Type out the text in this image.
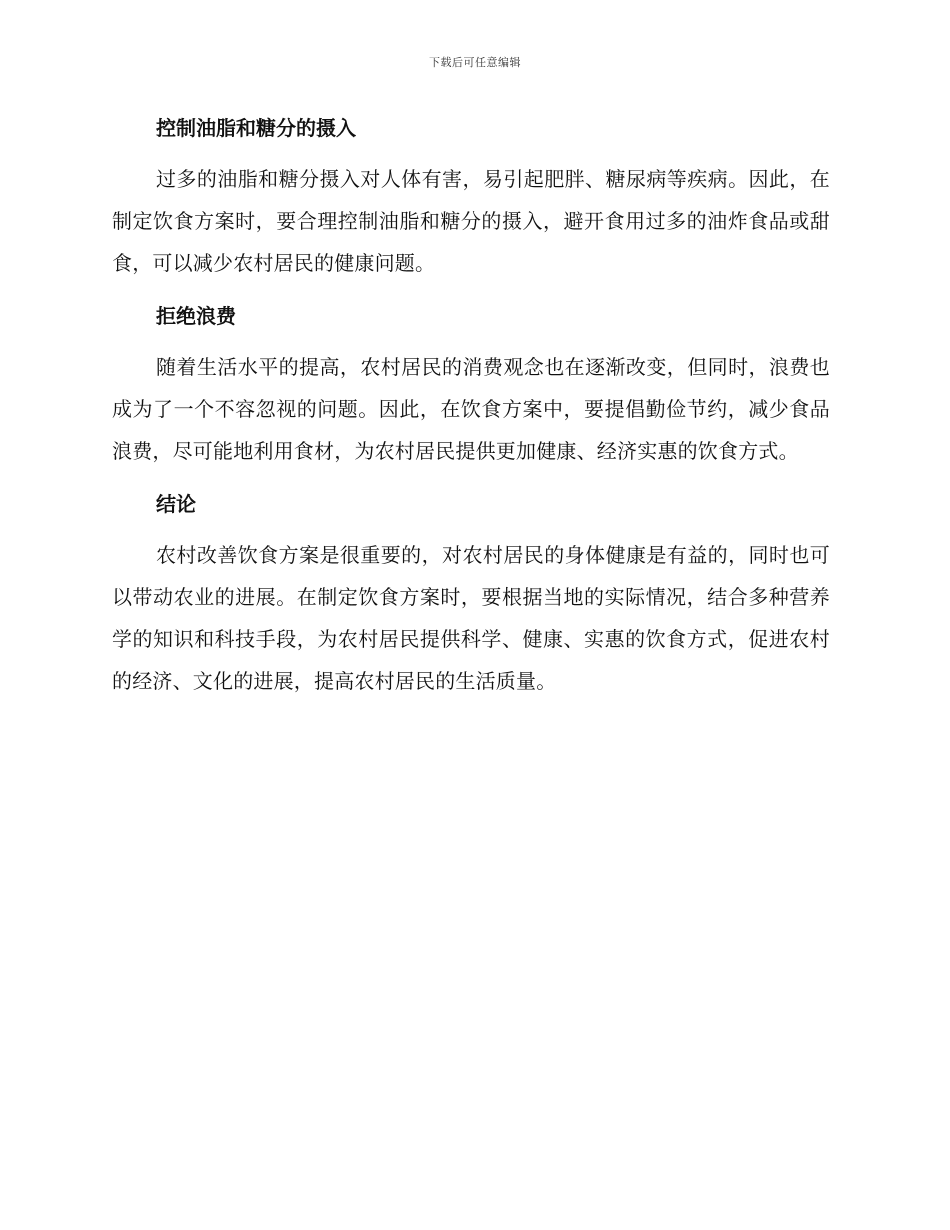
下载后可任意编辑
控制油脂和糖分的摄入

过多的油脂和糖分摄入对人体有害，易引起肥胖、糖尿病等疾病。因此，在制定饮食方案时，要合理控制油脂和糖分的摄入，避开食用过多的油炸食品或甜食，可以减少农村居民的健康问题。

拒绝浪费

随着生活水平的提高，农村居民的消费观念也在逐渐改变，但同时，浪费也成为了一个不容忽视的问题。因此，在饮食方案中，要提倡勤俭节约，减少食品浪费，尽可能地利用食材，为农村居民提供更加健康、经济实惠的饮食方式。

结论

农村改善饮食方案是很重要的，对农村居民的身体健康是有益的，同时也可以带动农业的进展。在制定饮食方案时，要根据当地的实际情况，结合多种营养学的知识和科技手段，为农村居民提供科学、健康、实惠的饮食方式，促进农村的经济、文化的进展，提高农村居民的生活质量。
